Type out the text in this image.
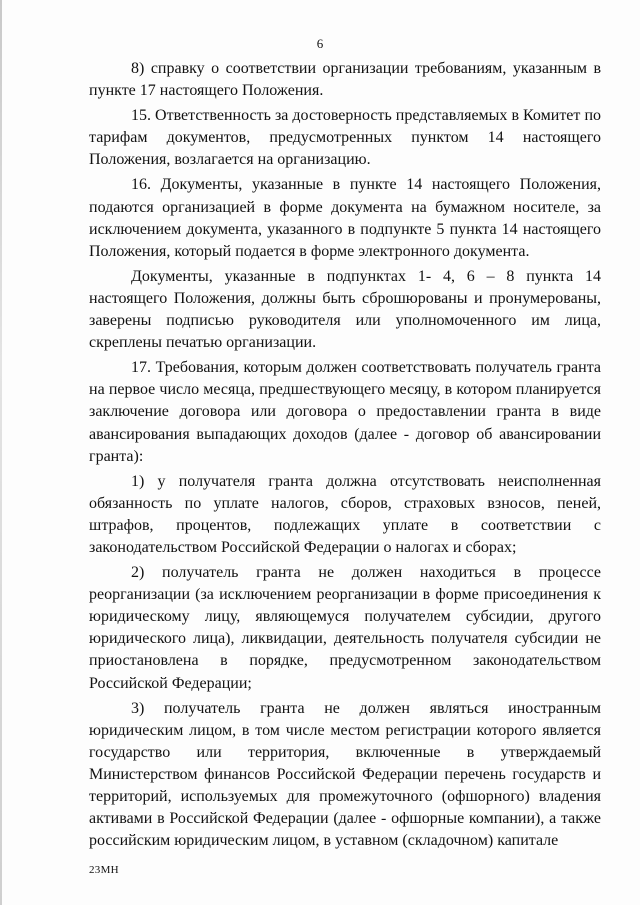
6

8) справку о соответствии организации требованиям, указанным в пункте 17 настоящего Положения.

15. Ответственность за достоверность представляемых в Комитет по тарифам документов, предусмотренных пунктом 14 настоящего Положения, возлагается на организацию.

16. Документы, указанные в пункте 14 настоящего Положения, подаются организацией в форме документа на бумажном носителе, за исключением документа, указанного в подпункте 5 пункта 14 настоящего Положения, который подается в форме электронного документа.

Документы, указанные в подпунктах 1- 4, 6 – 8 пункта 14 настоящего Положения, должны быть сброшюрованы и пронумерованы, заверены подписью руководителя или уполномоченного им лица, скреплены печатью организации.

17. Требования, которым должен соответствовать получатель гранта на первое число месяца, предшествующего месяцу, в котором планируется заключение договора или договора о предоставлении гранта в виде авансирования выпадающих доходов (далее - договор об авансировании гранта):

1) у получателя гранта должна отсутствовать неисполненная обязанность по уплате налогов, сборов, страховых взносов, пеней, штрафов, процентов, подлежащих уплате в соответствии с законодательством Российской Федерации о налогах и сборах;

2) получатель гранта не должен находиться в процессе реорганизации (за исключением реорганизации в форме присоединения к юридическому лицу, являющемуся получателем субсидии, другого юридического лица), ликвидации, деятельность получателя субсидии не приостановлена в порядке, предусмотренном законодательством Российской Федерации;

3) получатель гранта не должен являться иностранным юридическим лицом, в том числе местом регистрации которого является государство или территория, включенные в утверждаемый Министерством финансов Российской Федерации перечень государств и территорий, используемых для промежуточного (офшорного) владения активами в Российской Федерации (далее - офшорные компании), а также российским юридическим лицом, в уставном (складочном) капитале

23МН
